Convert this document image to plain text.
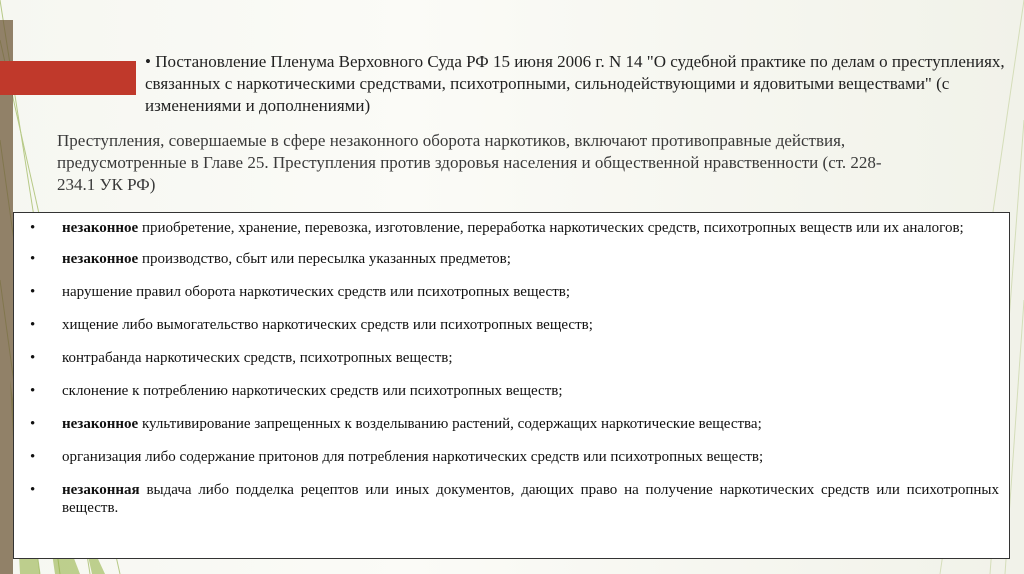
• Постановление Пленума Верховного Суда РФ 15 июня 2006 г. N 14 "О судебной практике по делам о преступлениях, связанных с наркотическими средствами, психотропными, сильнодействующими и ядовитыми веществами" (с изменениями и дополнениями)
Преступления, совершаемые в сфере незаконного оборота наркотиков, включают противоправные действия, предусмотренные в Главе 25. Преступления против здоровья населения и общественной нравственности (ст. 228-234.1 УК РФ)
•	незаконное приобретение, хранение, перевозка, изготовление, переработка наркотических средств, психотропных веществ или их аналогов;
•	незаконное производство, сбыт или пересылка указанных предметов;
•	нарушение правил оборота наркотических средств или психотропных веществ;
•	хищение либо вымогательство наркотических средств или психотропных веществ;
•	контрабанда наркотических средств, психотропных веществ;
•	склонение к потреблению наркотических средств или психотропных веществ;
•	незаконное культивирование запрещенных к возделыванию растений, содержащих наркотические вещества;
•	организация либо содержание притонов для потребления наркотических средств или психотропных веществ;
•	незаконная выдача либо подделка рецептов или иных документов, дающих право на получение наркотических средств или психотропных веществ.
